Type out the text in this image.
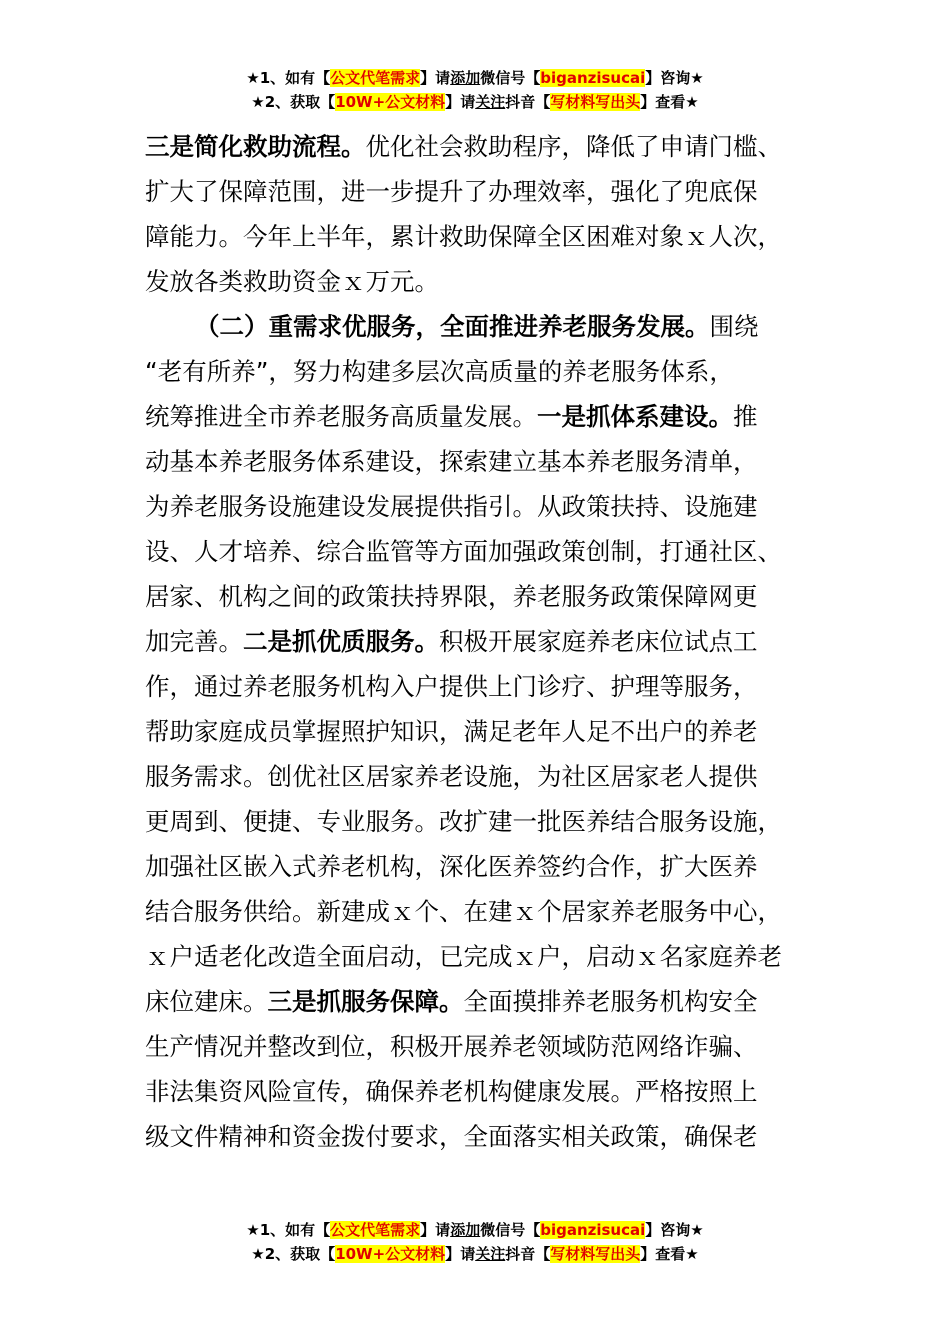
★1、如有【公文代笔需求】请添加微信号【biganzisucai】咨询★
★2、获取【10W+公文材料】请关注抖音【写材料写出头】查看★
三是简化救助流程。优化社会救助程序，降低了申请门槛、
扩大了保障范围，进一步提升了办理效率，强化了兜底保
障能力。今年上半年，累计救助保障全区困难对象ｘ人次，
发放各类救助资金ｘ万元。
（二）重需求优服务，全面推进养老服务发展。围绕
“老有所养”，努力构建多层次高质量的养老服务体系，
统筹推进全市养老服务高质量发展。一是抓体系建设。推
动基本养老服务体系建设，探索建立基本养老服务清单，
为养老服务设施建设发展提供指引。从政策扶持、设施建
设、人才培养、综合监管等方面加强政策创制，打通社区、
居家、机构之间的政策扶持界限，养老服务政策保障网更
加完善。二是抓优质服务。积极开展家庭养老床位试点工
作，通过养老服务机构入户提供上门诊疗、护理等服务，
帮助家庭成员掌握照护知识，满足老年人足不出户的养老
服务需求。创优社区居家养老设施，为社区居家老人提供
更周到、便捷、专业服务。改扩建一批医养结合服务设施，
加强社区嵌入式养老机构，深化医养签约合作，扩大医养
结合服务供给。新建成ｘ个、在建ｘ个居家养老服务中心，
ｘ户适老化改造全面启动，已完成ｘ户，启动ｘ名家庭养老
床位建床。三是抓服务保障。全面摸排养老服务机构安全
生产情况并整改到位，积极开展养老领域防范网络诈骗、
非法集资风险宣传，确保养老机构健康发展。严格按照上
级文件精神和资金拨付要求，全面落实相关政策，确保老
★1、如有【公文代笔需求】请添加微信号【biganzisucai】咨询★
★2、获取【10W+公文材料】请关注抖音【写材料写出头】查看★
